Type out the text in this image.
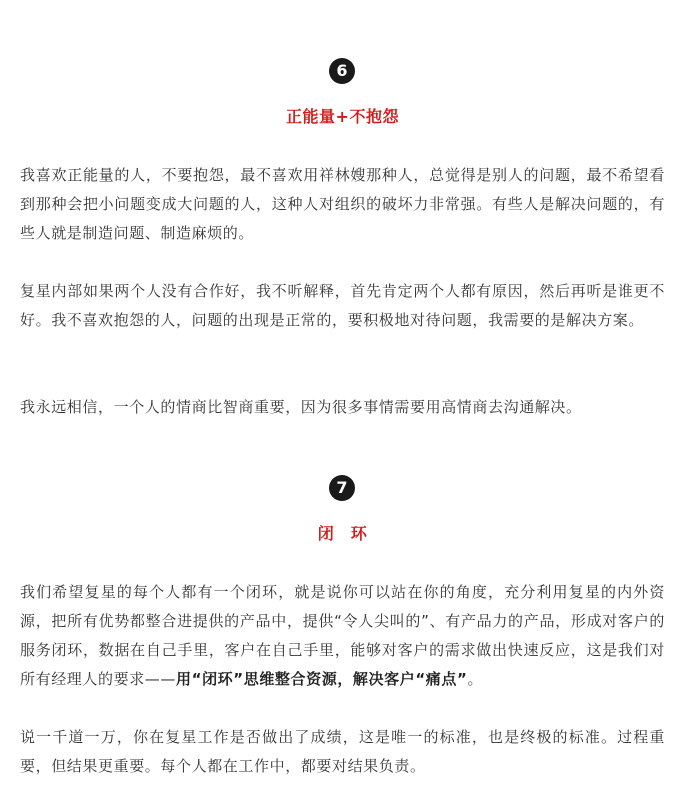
6
正能量+不抱怨

我喜欢正能量的人，不要抱怨，最不喜欢用祥林嫂那种人，总觉得是别人的问题，最不希望看到那种会把小问题变成大问题的人，这种人对组织的破坏力非常强。有些人是解决问题的，有些人就是制造问题、制造麻烦的。

复星内部如果两个人没有合作好，我不听解释，首先肯定两个人都有原因，然后再听是谁更不好。我不喜欢抱怨的人，问题的出现是正常的，要积极地对待问题，我需要的是解决方案。

我永远相信，一个人的情商比智商重要，因为很多事情需要用高情商去沟通解决。

7
闭　环

我们希望复星的每个人都有一个闭环，就是说你可以站在你的角度，充分利用复星的内外资源，把所有优势都整合进提供的产品中，提供“令人尖叫的”、有产品力的产品，形成对客户的服务闭环，数据在自己手里，客户在自己手里，能够对客户的需求做出快速反应，这是我们对所有经理人的要求——用“闭环”思维整合资源，解决客户“痛点”。

说一千道一万，你在复星工作是否做出了成绩，这是唯一的标准，也是终极的标准。过程重要，但结果更重要。每个人都在工作中，都要对结果负责。
